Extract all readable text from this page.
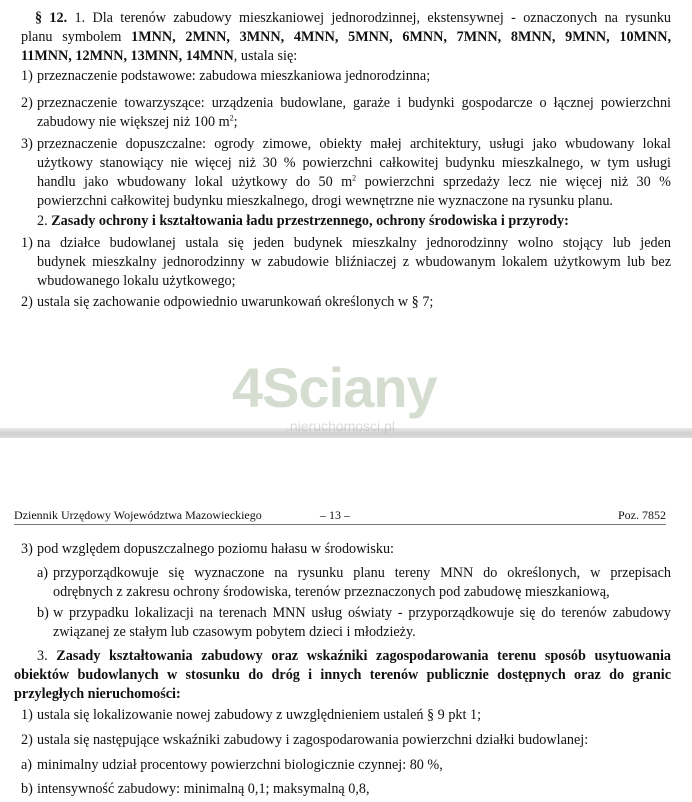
§ 12. 1. Dla terenów zabudowy mieszkaniowej jednorodzinnej, ekstensywnej - oznaczonych na rysunku
planu symbolem 1MNN, 2MNN, 3MNN, 4MNN, 5MNN, 6MNN, 7MNN, 8MNN, 9MNN, 10MNN,
11MNN, 12MNN, 13MNN, 14MNN, ustala się:
1) przeznaczenie podstawowe: zabudowa mieszkaniowa jednorodzinna;
2) przeznaczenie towarzyszące: urządzenia budowlane, garaże i budynki gospodarcze o łącznej powierzchni
zabudowy nie większej niż 100 $m^2$;
3) przeznaczenie dopuszczalne: ogrody zimowe, obiekty małej architektury, usługi jako wbudowany lokal
użytkowy stanowiący nie więcej niż 30 % powierzchni całkowitej budynku mieszkalnego, w tym usługi
handlu jako wbudowany lokal użytkowy do 50 $m^2$ powierzchni sprzedaży lecz nie więcej niż 30 %
powierzchni całkowitej budynku mieszkalnego, drogi wewnętrzne nie wyznaczone na rysunku planu.
2. Zasady ochrony i kształtowania ładu przestrzennego, ochrony środowiska i przyrody:
1) na działce budowlanej ustala się jeden budynek mieszkalny jednorodzinny wolno stojący lub jeden
budynek mieszkalny jednorodzinny w zabudowie bliźniaczej z wbudowanym lokalem użytkowym lub bez
wbudowanego lokalu użytkowego;
2) ustala się zachowanie odpowiednio uwarunkowań określonych w § 7;
4Sciany
.nieruchomosci.pl
Dziennik Urzędowy Województwa Mazowieckiego	– 13 –	Poz. 7852
3) pod względem dopuszczalnego poziomu hałasu w środowisku:
a) przyporządkowuje się wyznaczone na rysunku planu tereny MNN do określonych, w przepisach
odrębnych z zakresu ochrony środowiska, terenów przeznaczonych pod zabudowę mieszkaniową,
b) w przypadku lokalizacji na terenach MNN usług oświaty - przyporządkowuje się do terenów zabudowy
związanej ze stałym lub czasowym pobytem dzieci i młodzieży.
3. Zasady kształtowania zabudowy oraz wskaźniki zagospodarowania terenu sposób usytuowania
obiektów budowlanych w stosunku do dróg i innych terenów publicznie dostępnych oraz do granic
przyległych nieruchomości:
1) ustala się lokalizowanie nowej zabudowy z uwzględnieniem ustaleń § 9 pkt 1;
2) ustala się następujące wskaźniki zabudowy i zagospodarowania powierzchni działki budowlanej:
a) minimalny udział procentowy powierzchni biologicznie czynnej: 80 %,
b) intensywność zabudowy: minimalną 0,1; maksymalną 0,8,
